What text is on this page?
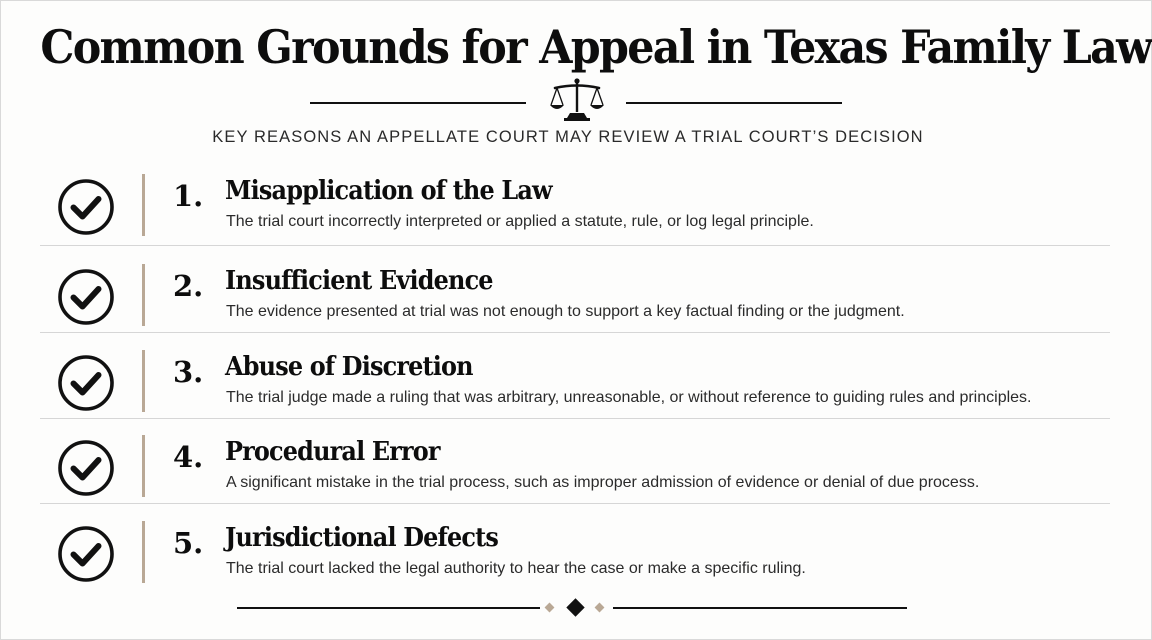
Common Grounds for Appeal in Texas Family Law
KEY REASONS AN APPELLATE COURT MAY REVIEW A TRIAL COURT’S DECISION
1. Misapplication of the Law
The trial court incorrectly interpreted or applied a statute, rule, or log legal principle.
2. Insufficient Evidence
The evidence presented at trial was not enough to support a key factual finding or the judgment.
3. Abuse of Discretion
The trial judge made a ruling that was arbitrary, unreasonable, or without reference to guiding rules and principles.
4. Procedural Error
A significant mistake in the trial process, such as improper admission of evidence or denial of due process.
5. Jurisdictional Defects
The trial court lacked the legal authority to hear the case or make a specific ruling.
